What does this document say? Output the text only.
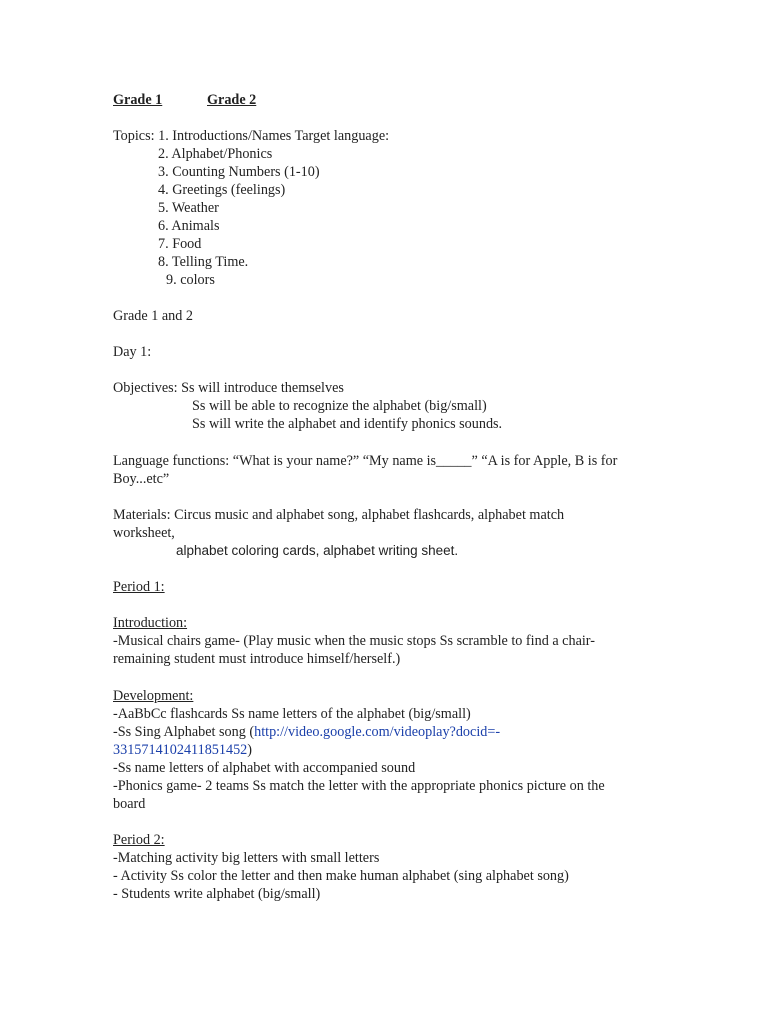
Grade 1	Grade 2
Topics: 1. Introductions/Names Target language:
2. Alphabet/Phonics
3. Counting Numbers (1-10)
4. Greetings (feelings)
5. Weather
6. Animals
7. Food
8. Telling Time.
9. colors
Grade 1 and 2
Day 1:
Objectives: Ss will introduce themselves
Ss will be able to recognize the alphabet (big/small)
Ss will write the alphabet and identify phonics sounds.
Language functions: “What is your name?” “My name is_____” “A is for Apple, B is for
Boy...etc”
Materials: Circus music and alphabet song, alphabet flashcards, alphabet match
worksheet,
alphabet coloring cards, alphabet writing sheet.
Period 1:
Introduction:
-Musical chairs game- (Play music when the music stops Ss scramble to find a chair-
remaining student must introduce himself/herself.)
Development:
-AaBbCc flashcards Ss name letters of the alphabet (big/small)
-Ss Sing Alphabet song (http://video.google.com/videoplay?docid=-
3315714102411851452)
-Ss name letters of alphabet with accompanied sound
-Phonics game- 2 teams Ss match the letter with the appropriate phonics picture on the
board
Period 2:
-Matching activity big letters with small letters
- Activity Ss color the letter and then make human alphabet (sing alphabet song)
- Students write alphabet (big/small)
